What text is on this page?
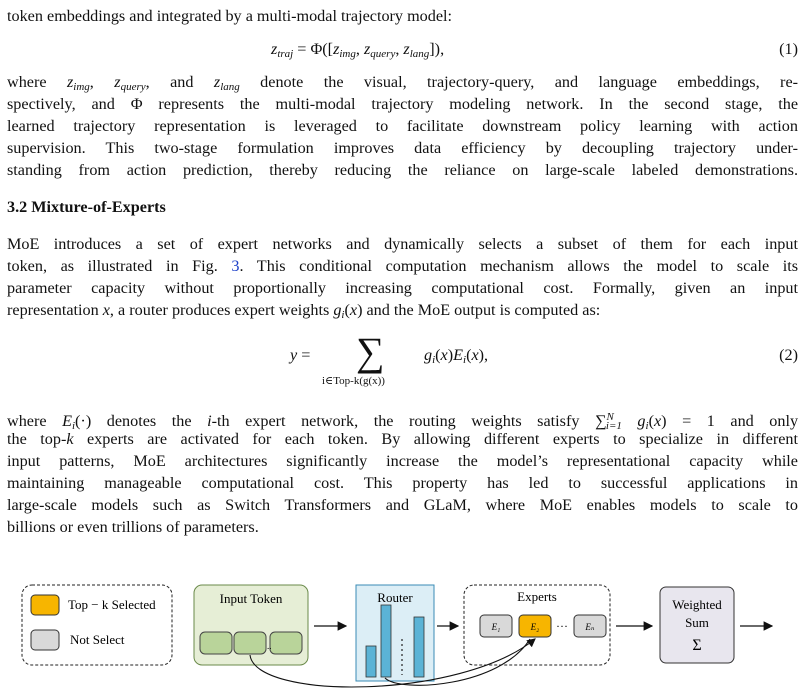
token embeddings and integrated by a multi-modal trajectory model:
$z_{traj} = \Phi([z_{img}$, $z_{query}$, $z_{lang}$]),	(1)
where $z_{img}$, $z_{query}$, and $z_{lang}$ denote the visual, trajectory-query, and language embeddings, re-
spectively, and Φ represents the multi-modal trajectory modeling network. In the second stage, the
learned trajectory representation is leveraged to facilitate downstream policy learning with action
supervision. This two-stage formulation improves data efficiency by decoupling trajectory under-
standing from action prediction, thereby reducing the reliance on large-scale labeled demonstrations.
3.2 Mixture-of-Experts
MoE introduces a set of expert networks and dynamically selects a subset of them for each input
token, as illustrated in Fig. 3. This conditional computation mechanism allows the model to scale its
parameter capacity without proportionally increasing computational cost. Formally, given an input
representation x, a router produces expert weights $g_i(x)$ and the MoE output is computed as:
y = ∑
i∈Top-k(g(x))
$g_i(x)E_i(x)$,	(2)
where $E_i(\cdot)$ denotes the i-th expert network, the routing weights satisfy ∑$^N_{i=1}$ $g_i(x) = 1$ and only
the top-k experts are activated for each token. By allowing different experts to specialize in different
input patterns, MoE architectures significantly increase the model’s representational capacity while
maintaining manageable computational cost. This property has led to successful applications in
large-scale models such as Switch Transformers and GLaM, where MoE enables models to scale to
billions or even trillions of parameters.
Top − k Selected
Not Select
Input Token
..
Router	Experts
E₁	E₂ ··· Eₙ
Weighted
Sum
Σ
